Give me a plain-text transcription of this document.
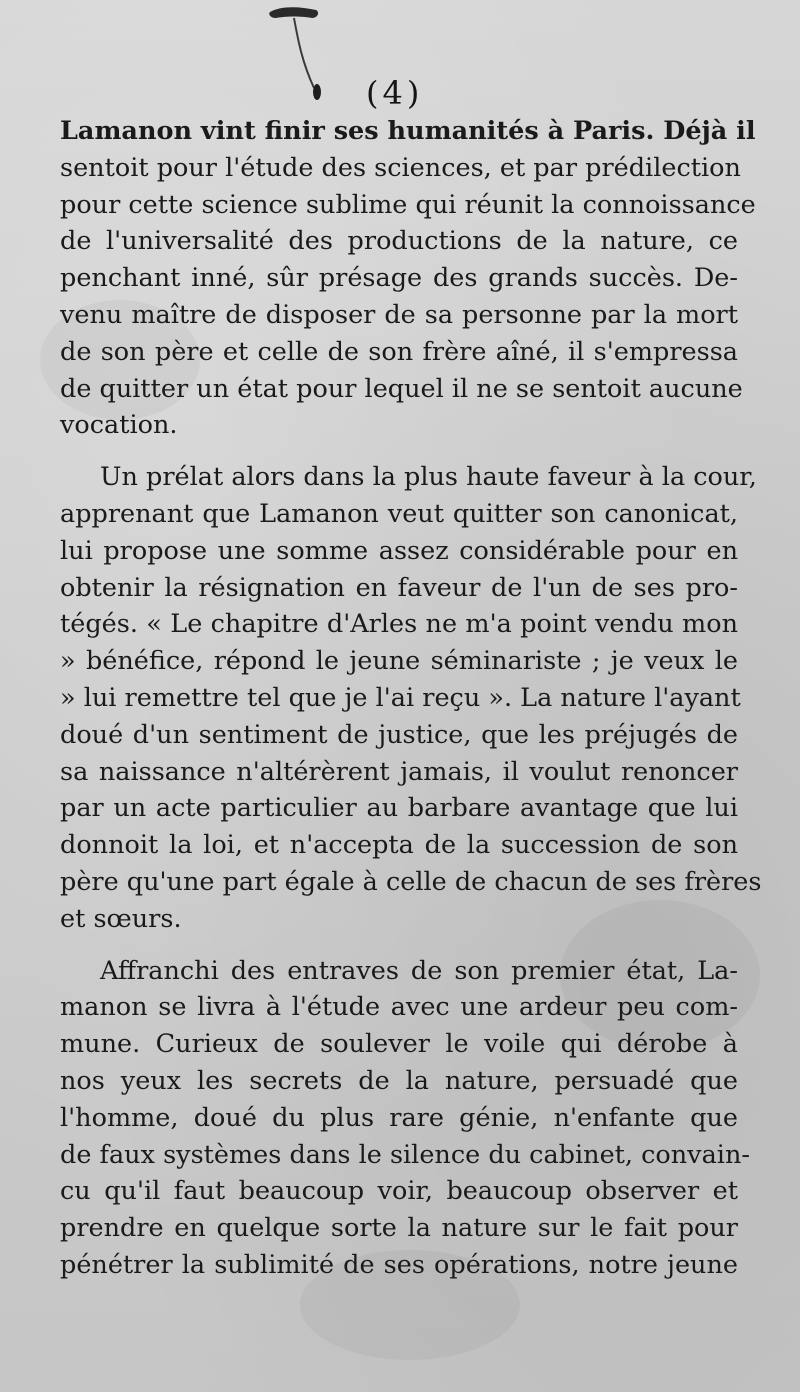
(4)
Lamanon vint finir ses humanités à Paris. Déjà il
sentoit pour l'étude des sciences, et par prédilection
pour cette science sublime qui réunit la connoissance
de l'universalité des productions de la nature, ce
penchant inné, sûr présage des grands succès. De-
venu maître de disposer de sa personne par la mort
de son père et celle de son frère aîné, il s'empressa
de quitter un état pour lequel il ne se sentoit aucune
vocation.
Un prélat alors dans la plus haute faveur à la cour,
apprenant que Lamanon veut quitter son canonicat,
lui propose une somme assez considérable pour en
obtenir la résignation en faveur de l'un de ses pro-
tégés. « Le chapitre d'Arles ne m'a point vendu mon
» bénéfice, répond le jeune séminariste ; je veux le
» lui remettre tel que je l'ai reçu ». La nature l'ayant
doué d'un sentiment de justice, que les préjugés de
sa naissance n'altérèrent jamais, il voulut renoncer
par un acte particulier au barbare avantage que lui
donnoit la loi, et n'accepta de la succession de son
père qu'une part égale à celle de chacun de ses frères
et sœurs.
Affranchi des entraves de son premier état, La-
manon se livra à l'étude avec une ardeur peu com-
mune. Curieux de soulever le voile qui dérobe à
nos yeux les secrets de la nature, persuadé que
l'homme, doué du plus rare génie, n'enfante que
de faux systèmes dans le silence du cabinet, convain-
cu qu'il faut beaucoup voir, beaucoup observer et
prendre en quelque sorte la nature sur le fait pour
pénétrer la sublimité de ses opérations, notre jeune
